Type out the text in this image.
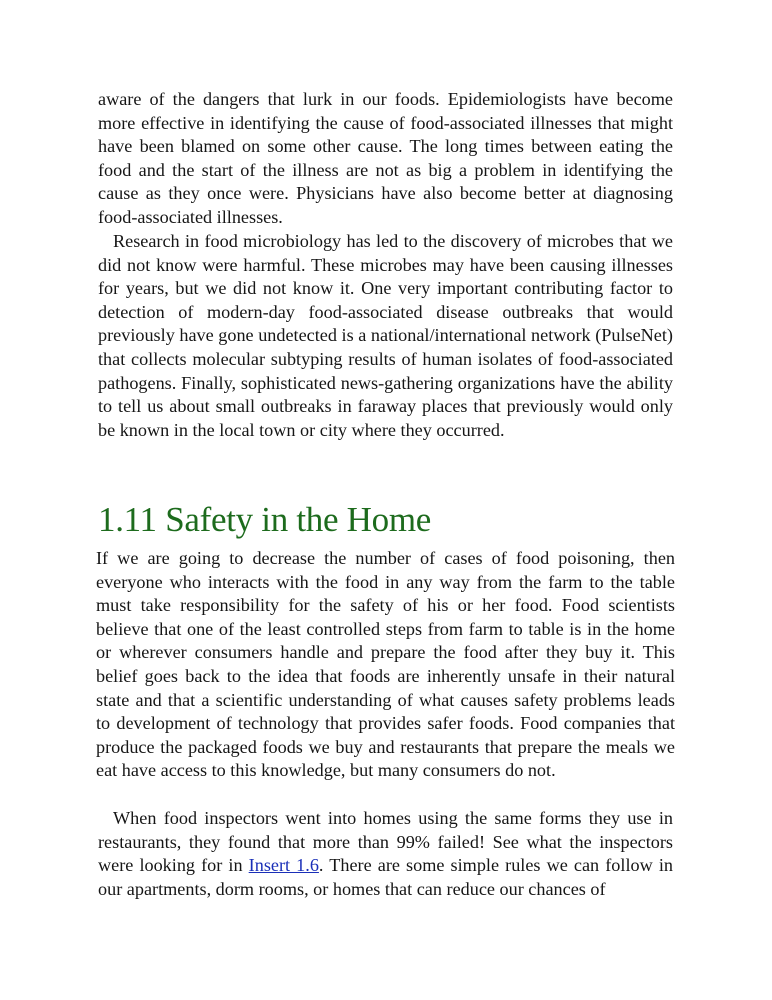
aware of the dangers that lurk in our foods. Epidemiologists have become more effective in identifying the cause of food-associated illnesses that might have been blamed on some other cause. The long times between eating the food and the start of the illness are not as big a problem in identifying the cause as they once were. Physicians have also become better at diagnosing food-associated illnesses.

Research in food microbiology has led to the discovery of microbes that we did not know were harmful. These microbes may have been causing illnesses for years, but we did not know it. One very important contributing factor to detection of modern-day food-associated disease outbreaks that would previously have gone undetected is a national/international network (PulseNet) that collects molecular subtyping results of human isolates of food-associated pathogens. Finally, sophisticated news-gathering organizations have the ability to tell us about small outbreaks in faraway places that previously would only be known in the local town or city where they occurred.

1.11 Safety in the Home

If we are going to decrease the number of cases of food poisoning, then everyone who interacts with the food in any way from the farm to the table must take responsibility for the safety of his or her food. Food scientists believe that one of the least controlled steps from farm to table is in the home or wherever consumers handle and prepare the food after they buy it. This belief goes back to the idea that foods are inherently unsafe in their natural state and that a scientific understanding of what causes safety problems leads to development of technology that provides safer foods. Food companies that produce the packaged foods we buy and restaurants that prepare the meals we eat have access to this knowledge, but many consumers do not.

When food inspectors went into homes using the same forms they use in restaurants, they found that more than 99% failed! See what the inspectors were looking for in Insert 1.6. There are some simple rules we can follow in our apartments, dorm rooms, or homes that can reduce our chances of
